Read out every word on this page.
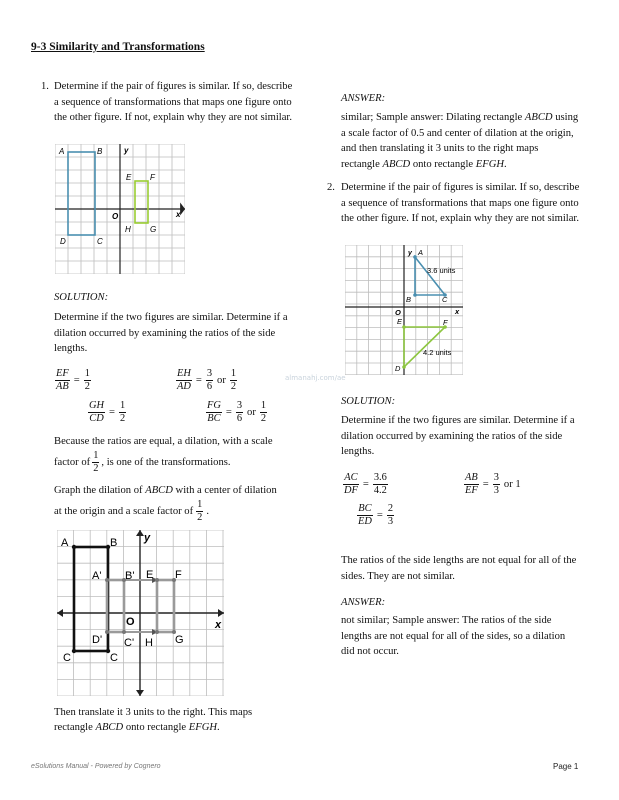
9-3 Similarity and Transformations
1. Determine if the pair of figures is similar. If so, describe a sequence of transformations that maps one figure onto the other figure. If not, explain why they are not similar.
A	B	y
E F
O	x
H G
D	C
SOLUTION:
Determine if the two figures are similar. Determine if a dilation occurred by examining the ratios of the side lengths.
$\frac{EF}{AB} = \frac{1}{2}$	$\frac{EH}{AD} = \frac{3}{6}$ or $\frac{1}{2}$
$\frac{GH}{CD} = \frac{1}{2}$	$\frac{FG}{BC} = \frac{3}{6}$ or $\frac{1}{2}$
Because the ratios are equal, a dilation, with a scale
factor of $\frac{1}{2}$ , is one of the transformations.
Graph the dilation of ABCD with a center of dilation
at the origin and a scale factor of $\frac{1}{2}$ .
A	B y
A' B' E F
O	x
D' C' H G
C	C
Then translate it 3 units to the right. This maps
rectangle ABCD onto rectangle EFGH.
ANSWER:
similar; Sample answer: Dilating rectangle ABCD using a scale factor of 0.5 and center of dilation at the origin, and then translating it 3 units to the right maps rectangle ABCD onto rectangle EFGH.
2. Determine if the pair of figures is similar. If so, describe a sequence of transformations that maps one figure onto the other figure. If not, explain why they are not similar.
y A
3.6 units
B	C
O	x
E	F
4.2 units
D
almanahj.com/ae
SOLUTION:
Determine if the two figures are similar. Determine if a dilation occurred by examining the ratios of the side lengths.
$\frac{AC}{DF} = \frac{3.6}{4.2}$	$\frac{AB}{EF} = \frac{3}{3}$ or 1
$\frac{BC}{ED} = \frac{2}{3}$
The ratios of the side lengths are not equal for all of the sides. They are not similar.
ANSWER:
not similar; Sample answer: The ratios of the side lengths are not equal for all of the sides, so a dilation did not occur.
eSolutions Manual - Powered by Cognero	Page 1
